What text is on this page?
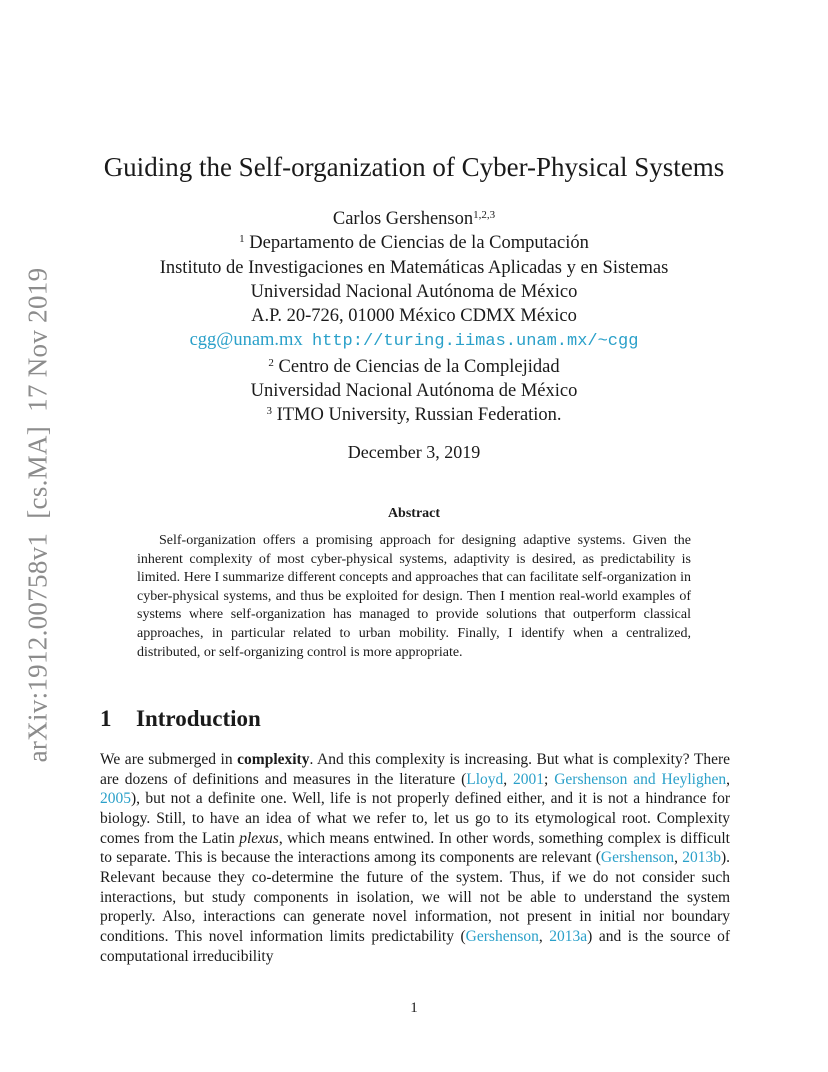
arXiv:1912.00758v1[cs.MA]17 Nov 2019
Guiding the Self-organization of Cyber-Physical Systems
Carlos Gershenson$^{1,2,3}$
$^1$ Departamento de Ciencias de la Computación
Instituto de Investigaciones en Matemáticas Aplicadas y en Sistemas
Universidad Nacional Autónoma de México
A.P. 20-726, 01000 México CDMX México
cgg@unam.mx http://turing.iimas.unam.mx/~cgg
$^2$ Centro de Ciencias de la Complejidad
Universidad Nacional Autónoma de México
$^3$ ITMO University, Russian Federation.
December 3, 2019
Abstract

Self-organization offers a promising approach for designing adaptive systems. Given the inherent complexity of most cyber-physical systems, adaptivity is desired, as predictability is limited. Here I summarize different concepts and approaches that can facilitate self-organization in cyber-physical systems, and thus be exploited for design. Then I mention real-world examples of systems where self-organization has managed to provide solutions that outperform classical approaches, in particular related to urban mobility. Finally, I identify when a centralized, distributed, or self-organizing control is more appropriate.

1 Introduction

We are submerged in complexity. And this complexity is increasing. But what is complexity? There are dozens of definitions and measures in the literature (Lloyd, 2001; Gershenson and Heylighen, 2005), but not a definite one. Well, life is not properly defined either, and it is not a hindrance for biology. Still, to have an idea of what we refer to, let us go to its etymological root. Complexity comes from the Latin plexus, which means entwined. In other words, something complex is difficult to separate. This is because the interactions among its components are relevant (Gershenson, 2013b). Relevant because they co-determine the future of the system. Thus, if we do not consider such interactions, but study components in isolation, we will not be able to understand the system properly. Also, interactions can generate novel information, not present in initial nor boundary conditions. This novel information limits predictability (Gershenson, 2013a) and is the source of computational irreducibility

1
